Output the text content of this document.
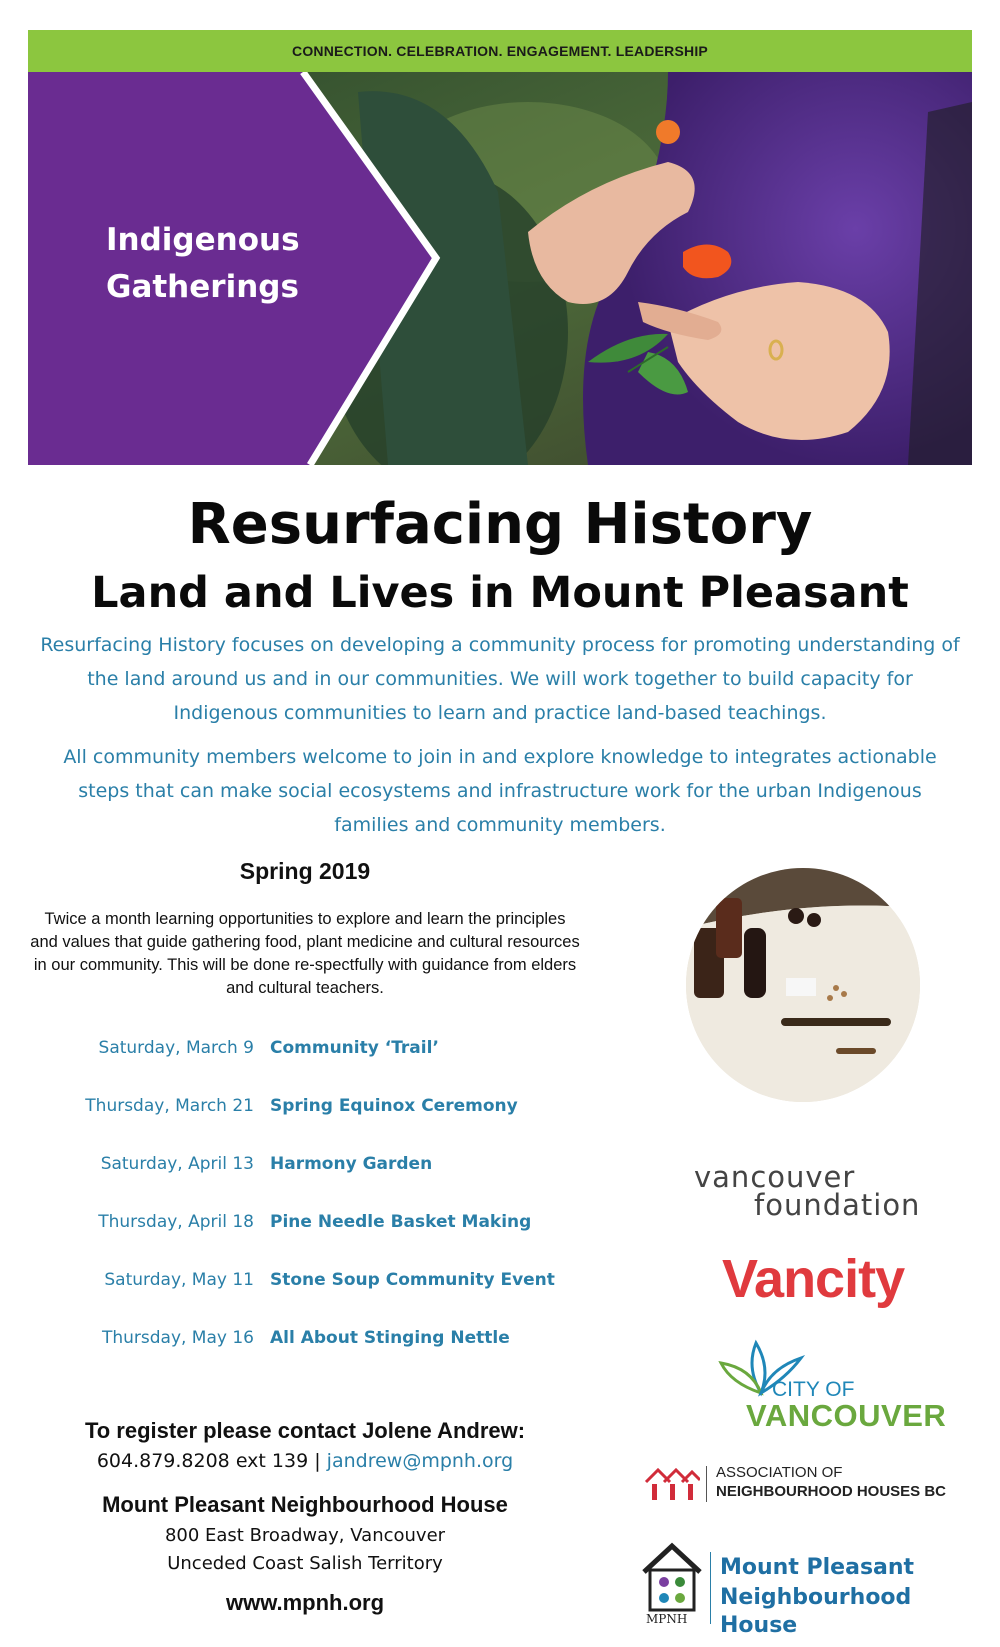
CONNECTION. CELEBRATION. ENGAGEMENT. LEADERSHIP
Indigenous
Gatherings
Resurfacing History
Land and Lives in Mount Pleasant
Resurfacing History focuses on developing a community process for promoting understanding of the land around us and in our communities. We will work together to build capacity for Indigenous communities to learn and practice land-based teachings.
All community members welcome to join in and explore knowledge to integrates actionable steps that can make social ecosystems and infrastructure work for the urban Indigenous families and community members.
Spring 2019
Twice a month learning opportunities to explore and learn the principles and values that guide gathering food, plant medicine and cultural resources in our community. This will be done re-spectfully with guidance from elders and cultural teachers.
Saturday, March 9 Community ‘Trail’
Thursday, March 21 Spring Equinox Ceremony
Saturday, April 13 Harmony Garden
Thursday, April 18 Pine Needle Basket Making
Saturday, May 11 Stone Soup Community Event
Thursday, May 16 All About Stinging Nettle
To register please contact Jolene Andrew:
604.879.8208 ext 139 | jandrew@mpnh.org
Mount Pleasant Neighbourhood House
800 East Broadway, Vancouver
Unceded Coast Salish Territory
www.mpnh.org
vancouver
foundation
Vancity
CITY OF
VANCOUVER
ASSOCIATION OF
NEIGHBOURHOOD HOUSES BC
MPNH
Mount Pleasant
Neighbourhood House
